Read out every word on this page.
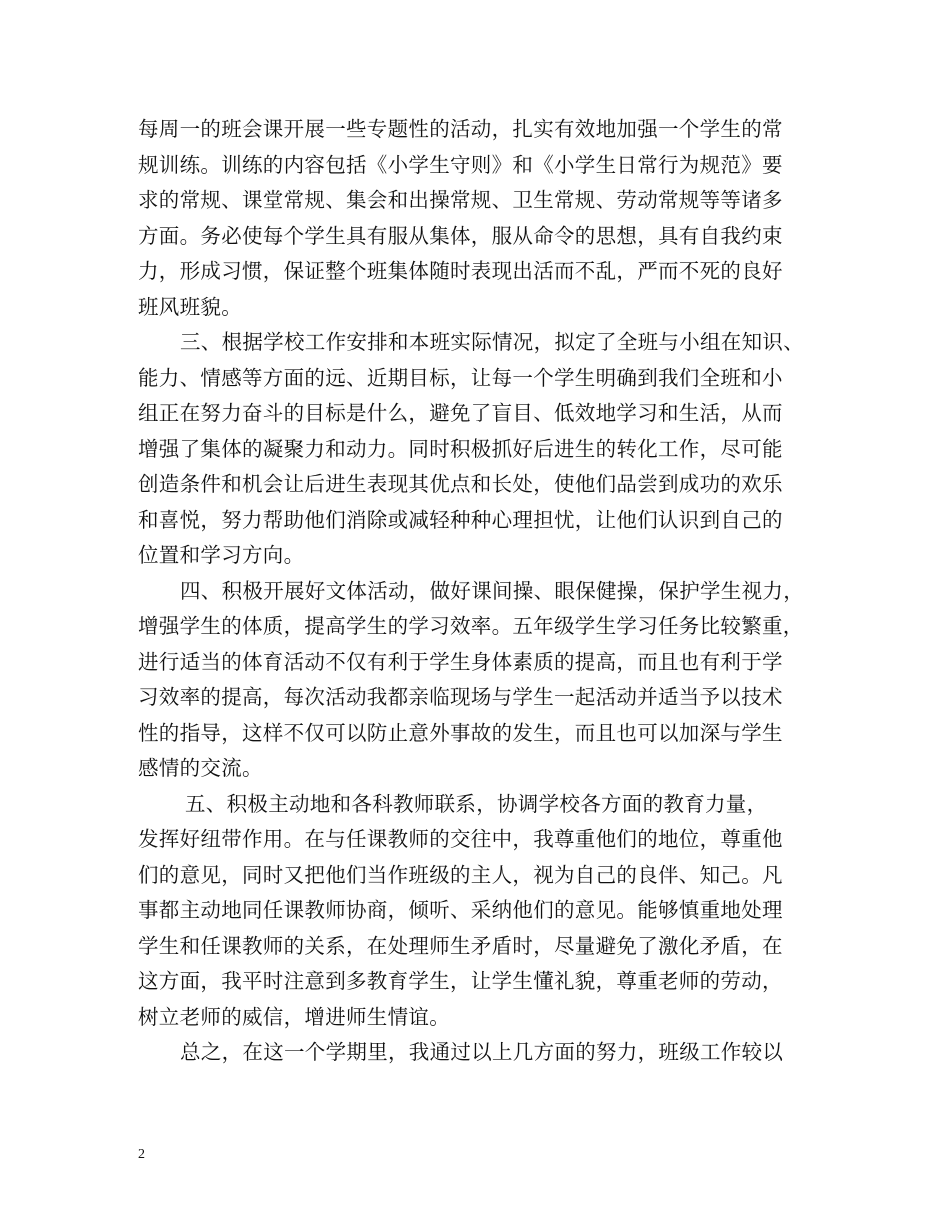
每周一的班会课开展一些专题性的活动，扎实有效地加强一个学生的常
规训练。训练的内容包括《小学生守则》和《小学生日常行为规范》要
求的常规、课堂常规、集会和出操常规、卫生常规、劳动常规等等诸多
方面。务必使每个学生具有服从集体，服从命令的思想，具有自我约束
力，形成习惯，保证整个班集体随时表现出活而不乱，严而不死的良好
班风班貌。
三、根据学校工作安排和本班实际情况，拟定了全班与小组在知识、
能力、情感等方面的远、近期目标，让每一个学生明确到我们全班和小
组正在努力奋斗的目标是什么，避免了盲目、低效地学习和生活，从而
增强了集体的凝聚力和动力。同时积极抓好后进生的转化工作，尽可能
创造条件和机会让后进生表现其优点和长处，使他们品尝到成功的欢乐
和喜悦，努力帮助他们消除或减轻种种心理担忧，让他们认识到自己的
位置和学习方向。
四、积极开展好文体活动，做好课间操、眼保健操，保护学生视力，
增强学生的体质，提高学生的学习效率。五年级学生学习任务比较繁重，
进行适当的体育活动不仅有利于学生身体素质的提高，而且也有利于学
习效率的提高，每次活动我都亲临现场与学生一起活动并适当予以技术
性的指导，这样不仅可以防止意外事故的发生，而且也可以加深与学生
感情的交流。
五、积极主动地和各科教师联系，协调学校各方面的教育力量，
发挥好纽带作用。在与任课教师的交往中，我尊重他们的地位，尊重他
们的意见，同时又把他们当作班级的主人，视为自己的良伴、知己。凡
事都主动地同任课教师协商，倾听、采纳他们的意见。能够慎重地处理
学生和任课教师的关系，在处理师生矛盾时，尽量避免了激化矛盾，在
这方面，我平时注意到多教育学生，让学生懂礼貌，尊重老师的劳动，
树立老师的威信，增进师生情谊。
总之，在这一个学期里，我通过以上几方面的努力，班级工作较以
2
